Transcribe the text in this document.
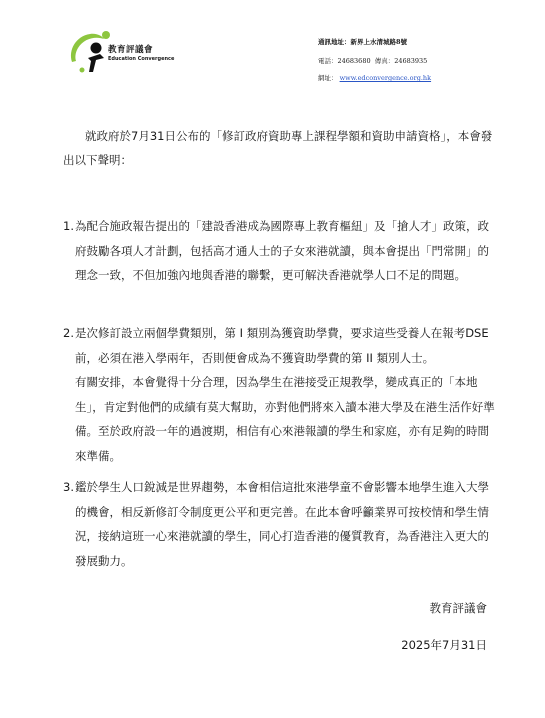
教育評議會
Education Convergence
通訊地址：新界上水清城路8號
電話：24683680 傳真：24683935
網址： www.edconvergence.org.hk
就政府於7月31日公布的「修訂政府資助專上課程學額和資助申請資格」，本會發出以下聲明：
1. 為配合施政報告提出的「建設香港成為國際專上教育樞紐」及「搶人才」政策，政府鼓勵各項人才計劃，包括高才通人士的子女來港就讀，與本會提出「門常開」的理念一致，不但加強內地與香港的聯繫，更可解決香港就學人口不足的問題。
2. 是次修訂設立兩個學費類別，第 I 類別為獲資助學費，要求這些受養人在報考DSE前，必須在港入學兩年，否則便會成為不獲資助學費的第 II 類別人士。
有關安排，本會覺得十分合理，因為學生在港接受正規教學，變成真正的「本地生」，肯定對他們的成績有莫大幫助，亦對他們將來入讀本港大學及在港生活作好準備。至於政府設一年的過渡期，相信有心來港報讀的學生和家庭，亦有足夠的時間來準備。
3. 鑑於學生人口銳減是世界趨勢，本會相信這批來港學童不會影響本地學生進入大學的機會，相反新修訂令制度更公平和更完善。在此本會呼籲業界可按校情和學生情況，接納這班一心來港就讀的學生，同心打造香港的優質教育，為香港注入更大的發展動力。
教育評議會
2025年7月31日
